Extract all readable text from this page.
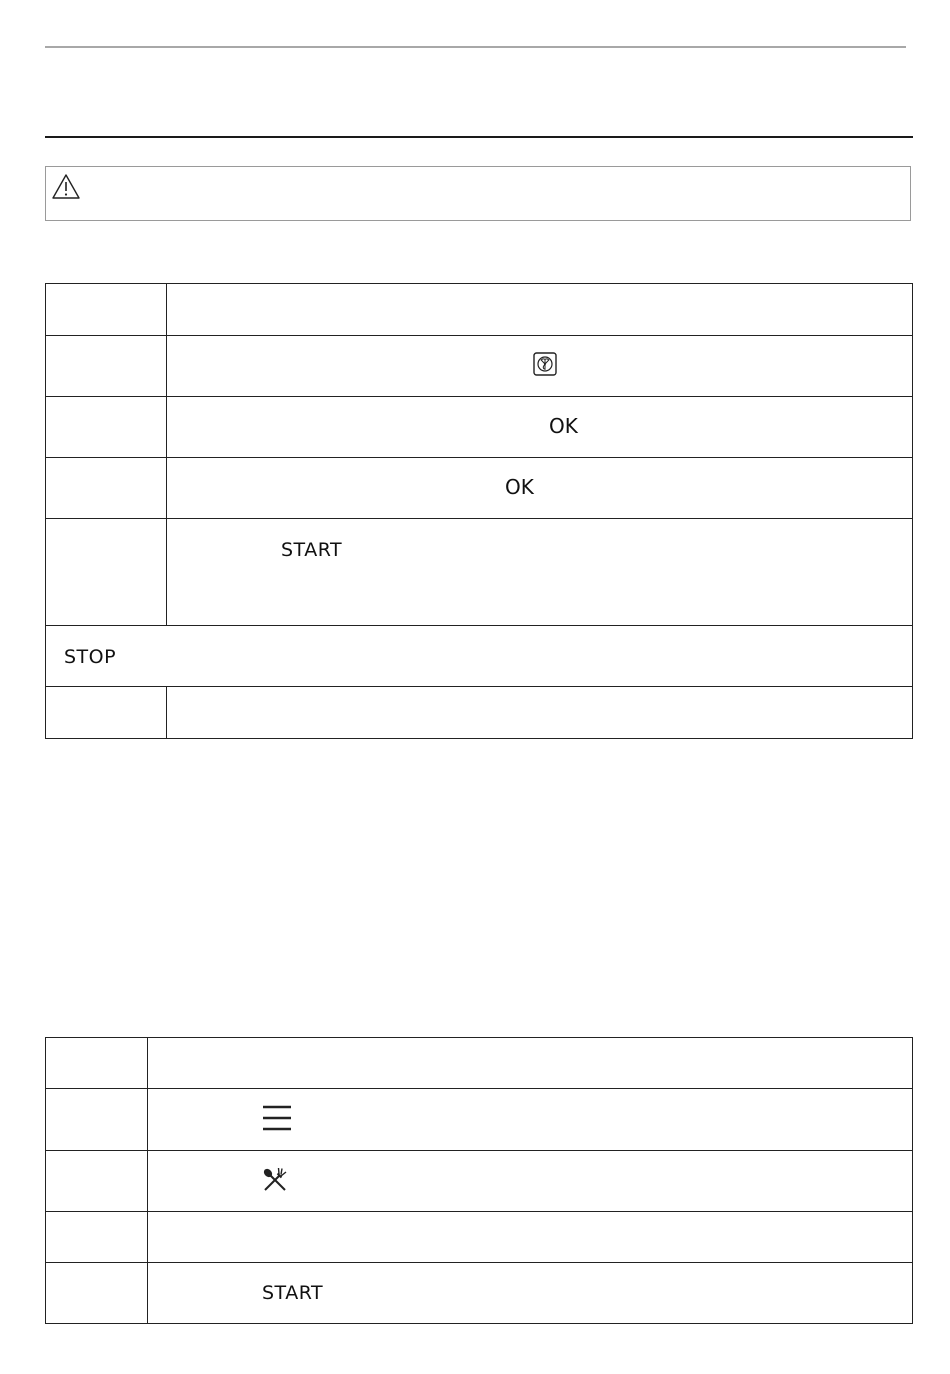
	OK

	OK

	START

STOP	

	START
